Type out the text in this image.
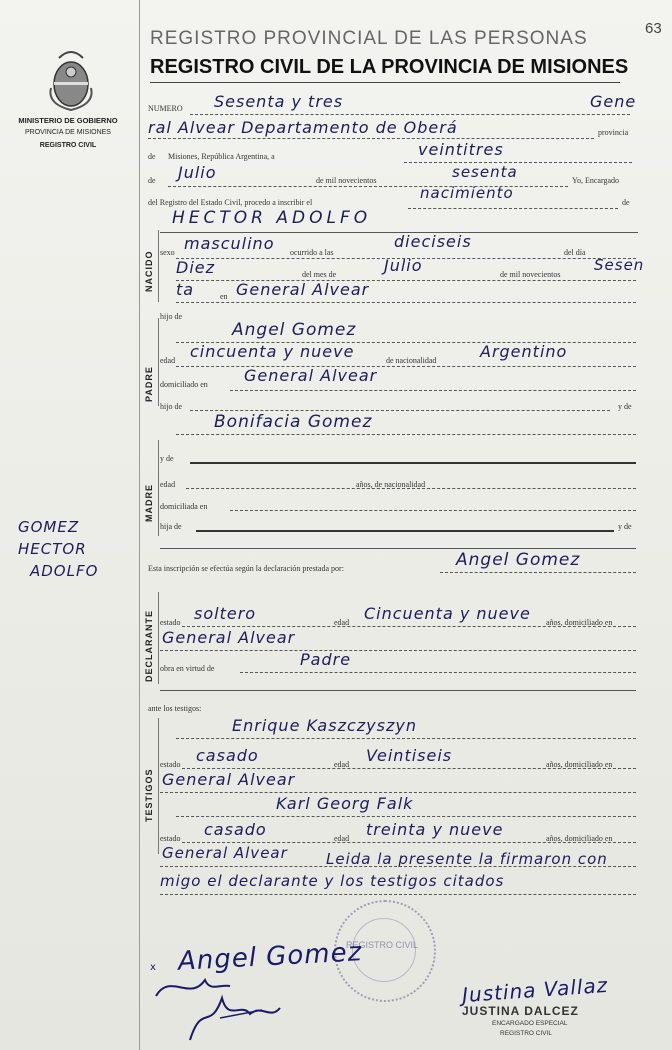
63
REGISTRO PROVINCIAL DE LAS PERSONAS
REGISTRO CIVIL DE LA PROVINCIA DE MISIONES
MINISTERIO DE GOBIERNO
PROVINCIA DE MISIONES
REGISTRO CIVIL
GOMEZ
HECTOR
ADOLFO
NACIDO
PADRE
MADRE
DECLARANTE
TESTIGOS
NUMERO Sesenta y tres	Gene
ral Alvear Departamento de Oberá	provincia
de Misiones, República Argentina, a	veintitres
de Julio	de mil novecientos	sesenta	Yo, Encargado
del Registro del Estado Civil, procedo a inscribir el
nacimiento
de
HECTOR ADOLFO
sexo masculino ocurrido a las
dieciseis
del día
Diez	del mes de	Julio	de mil novecientos
Sesen
ta	en General Alvear
hijo de
Angel Gomez
edad cincuenta y nueve	de nacionalidad	Argentino
domiciliado en General Alvear
hijo de	y de
Bonifacia Gomez
y de
edad	años, de nacionalidad
domiciliada en
hija de	y de
Esta inscripción se efectúa según la declaración prestada por:	Angel Gomez
estado soltero	edad Cincuenta y nueve años, domiciliado en
General Alvear
obra en virtud de	Padre
ante los testigos:
Enrique Kaszczyszyn
estado casado	edad Veintiseis	años, domiciliado en
General Alvear
Karl Georg Falk
estado casado	edad treinta y nueve	años, domiciliado en
General Alvear	Leida la presente la firmaron con
migo el declarante y los testigos citados
REGISTRO CIVIL
Angel Gomez
x
Justina Vallaz
JUSTINA DALCEZ
ENCARGADO ESPECIAL
REGISTRO CIVIL
